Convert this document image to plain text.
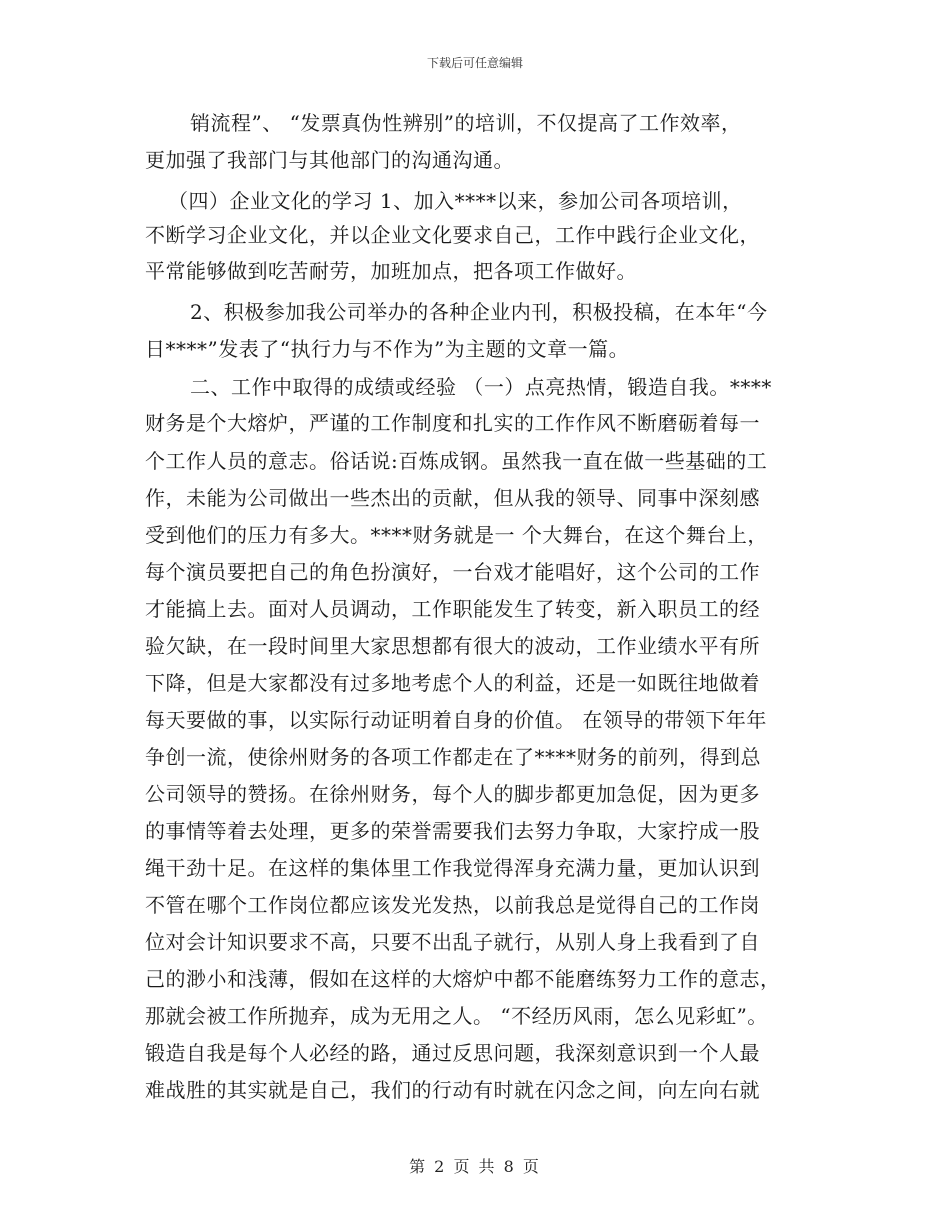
下载后可任意编辑
销流程”、 “发票真伪性辨别”的培训，不仅提高了工作效率，
更加强了我部门与其他部门的沟通沟通。
（四）企业文化的学习 1、加入****以来，参加公司各项培训，
不断学习企业文化，并以企业文化要求自己，工作中践行企业文化，
平常能够做到吃苦耐劳，加班加点，把各项工作做好。
2、积极参加我公司举办的各种企业内刊，积极投稿，在本年“今
日****”发表了“执行力与不作为”为主题的文章一篇。
二、工作中取得的成绩或经验 （一）点亮热情，锻造自我。****
财务是个大熔炉，严谨的工作制度和扎实的工作作风不断磨砺着每一
个工作人员的意志。俗话说:百炼成钢。虽然我一直在做一些基础的工
作，未能为公司做出一些杰出的贡献，但从我的领导、同事中深刻感
受到他们的压力有多大。****财务就是一 个大舞台，在这个舞台上，
每个演员要把自己的角色扮演好，一台戏才能唱好，这个公司的工作
才能搞上去。面对人员调动，工作职能发生了转变，新入职员工的经
验欠缺，在一段时间里大家思想都有很大的波动，工作业绩水平有所
下降，但是大家都没有过多地考虑个人的利益，还是一如既往地做着
每天要做的事，以实际行动证明着自身的价值。 在领导的带领下年年
争创一流，使徐州财务的各项工作都走在了****财务的前列，得到总
公司领导的赞扬。在徐州财务，每个人的脚步都更加急促，因为更多
的事情等着去处理，更多的荣誉需要我们去努力争取，大家拧成一股
绳干劲十足。在这样的集体里工作我觉得浑身充满力量，更加认识到
不管在哪个工作岗位都应该发光发热，以前我总是觉得自己的工作岗
位对会计知识要求不高，只要不出乱子就行，从别人身上我看到了自
己的渺小和浅薄，假如在这样的大熔炉中都不能磨练努力工作的意志，
那就会被工作所抛弃，成为无用之人。 “不经历风雨，怎么见彩虹”。
锻造自我是每个人必经的路，通过反思问题，我深刻意识到一个人最
难战胜的其实就是自己，我们的行动有时就在闪念之间，向左向右就
第 2 页 共 8 页
